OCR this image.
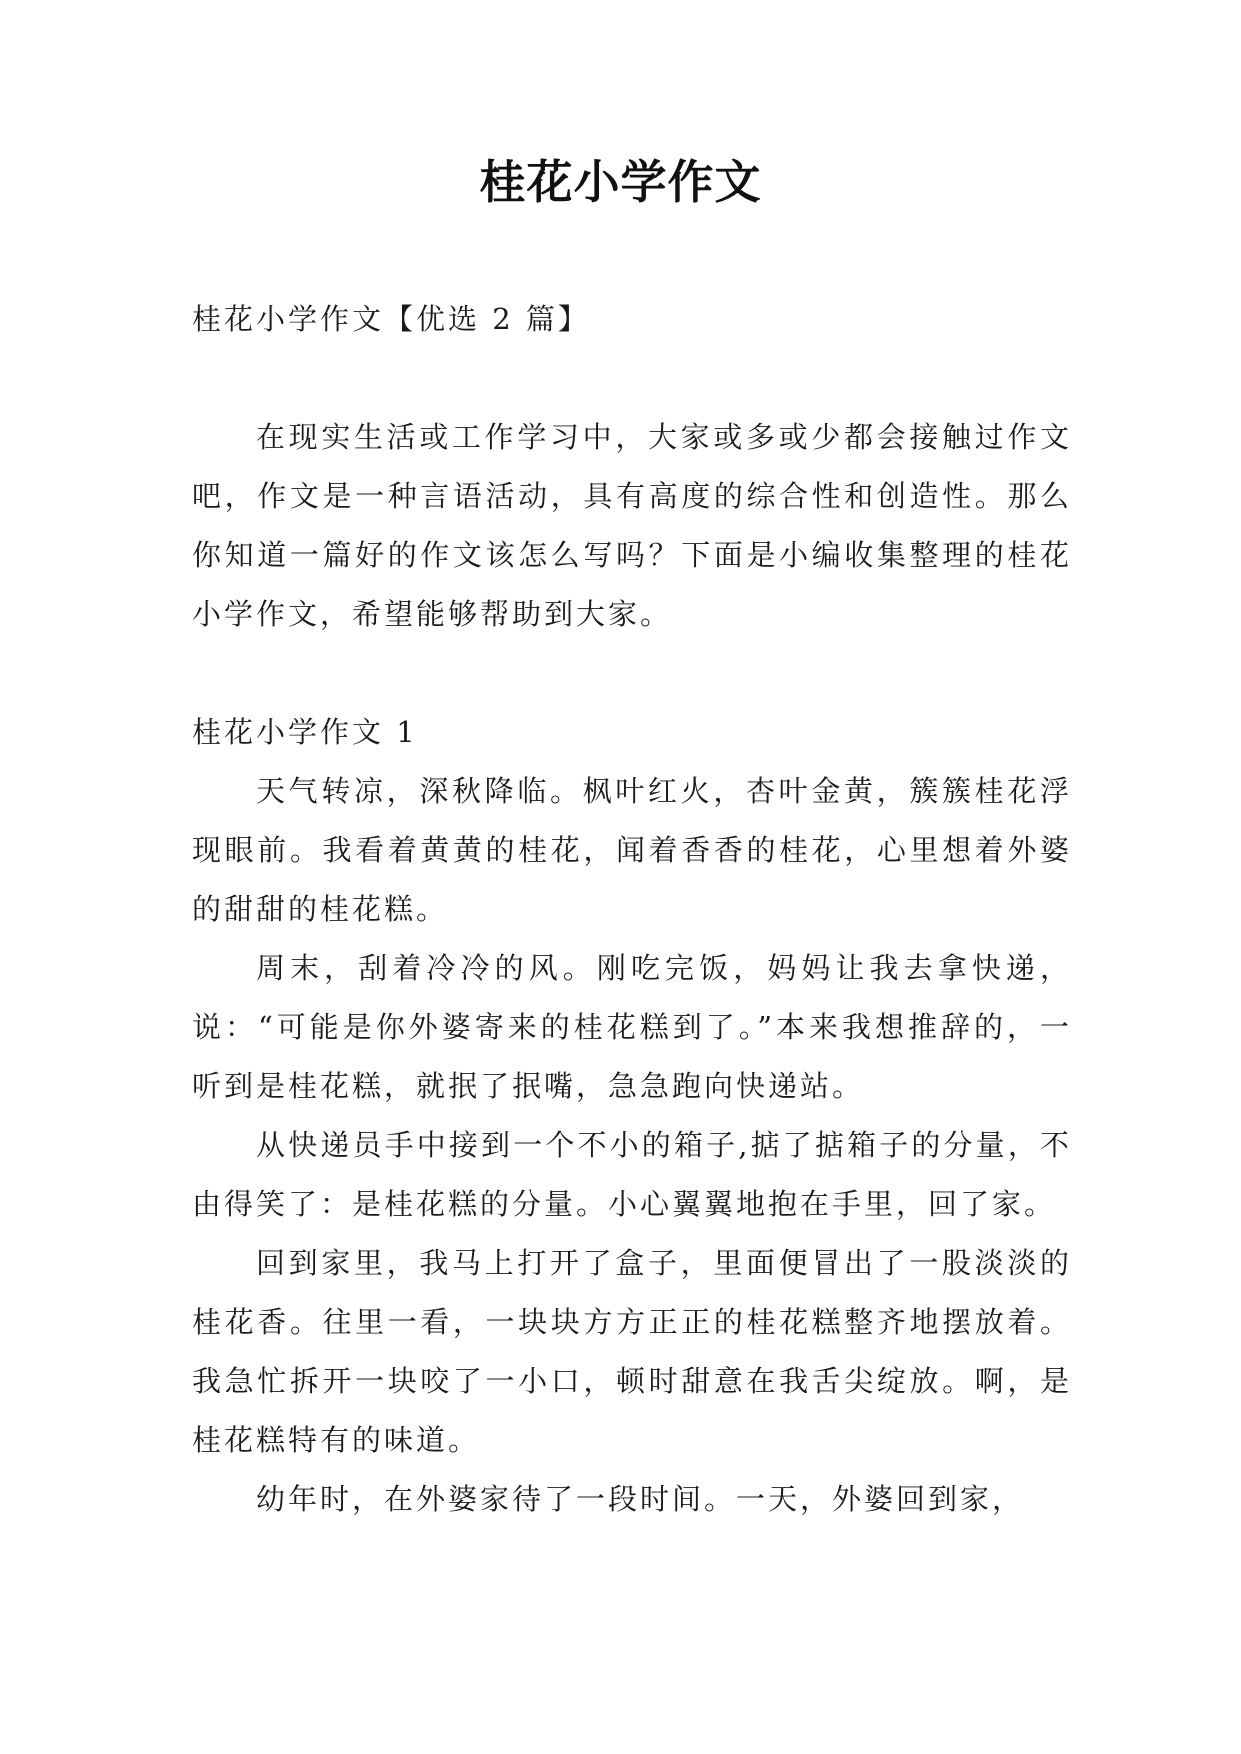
桂花小学作文

桂花小学作文【优选 2 篇】

在现实生活或工作学习中，大家或多或少都会接触过作文吧，作文是一种言语活动，具有高度的综合性和创造性。那么你知道一篇好的作文该怎么写吗？下面是小编收集整理的桂花小学作文，希望能够帮助到大家。

桂花小学作文 1

天气转凉，深秋降临。枫叶红火，杏叶金黄，簇簇桂花浮现眼前。我看着黄黄的桂花，闻着香香的桂花，心里想着外婆的甜甜的桂花糕。

周末，刮着冷冷的风。刚吃完饭，妈妈让我去拿快递，说：“可能是你外婆寄来的桂花糕到了。”本来我想推辞的，一听到是桂花糕，就抿了抿嘴，急急跑向快递站。

从快递员手中接到一个不小的箱子,掂了掂箱子的分量，不由得笑了：是桂花糕的分量。小心翼翼地抱在手里，回了家。

回到家里，我马上打开了盒子，里面便冒出了一股淡淡的桂花香。往里一看，一块块方方正正的桂花糕整齐地摆放着。我急忙拆开一块咬了一小口，顿时甜意在我舌尖绽放。啊，是桂花糕特有的味道。

幼年时，在外婆家待了一段时间。一天，外婆回到家，
